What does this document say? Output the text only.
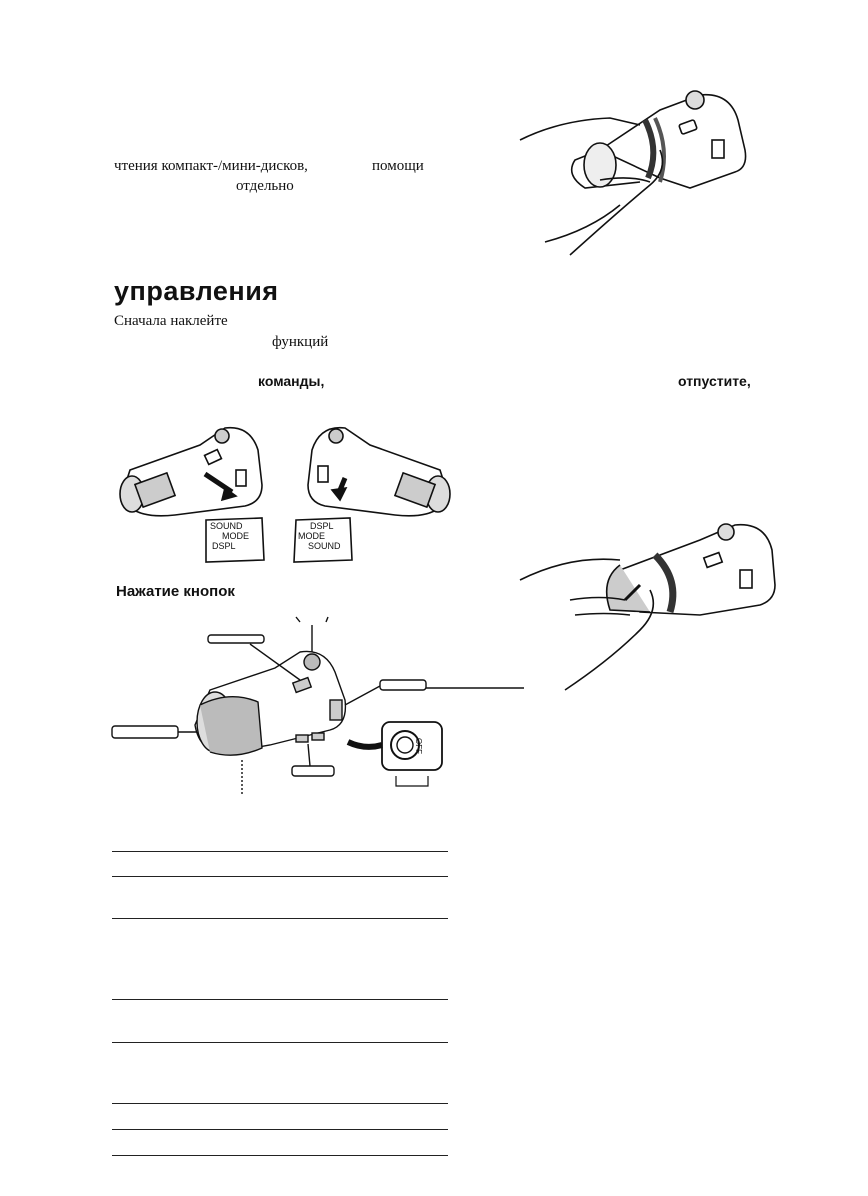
чтения компакт-/мини-дисков,	помощи
отдельно
управления
Сначала наклейте
функций
команды,	отпустите,
Нажатие кнопок
SOUND
MODE
DSPL
DSPL
MODE
SOUND
OFF
